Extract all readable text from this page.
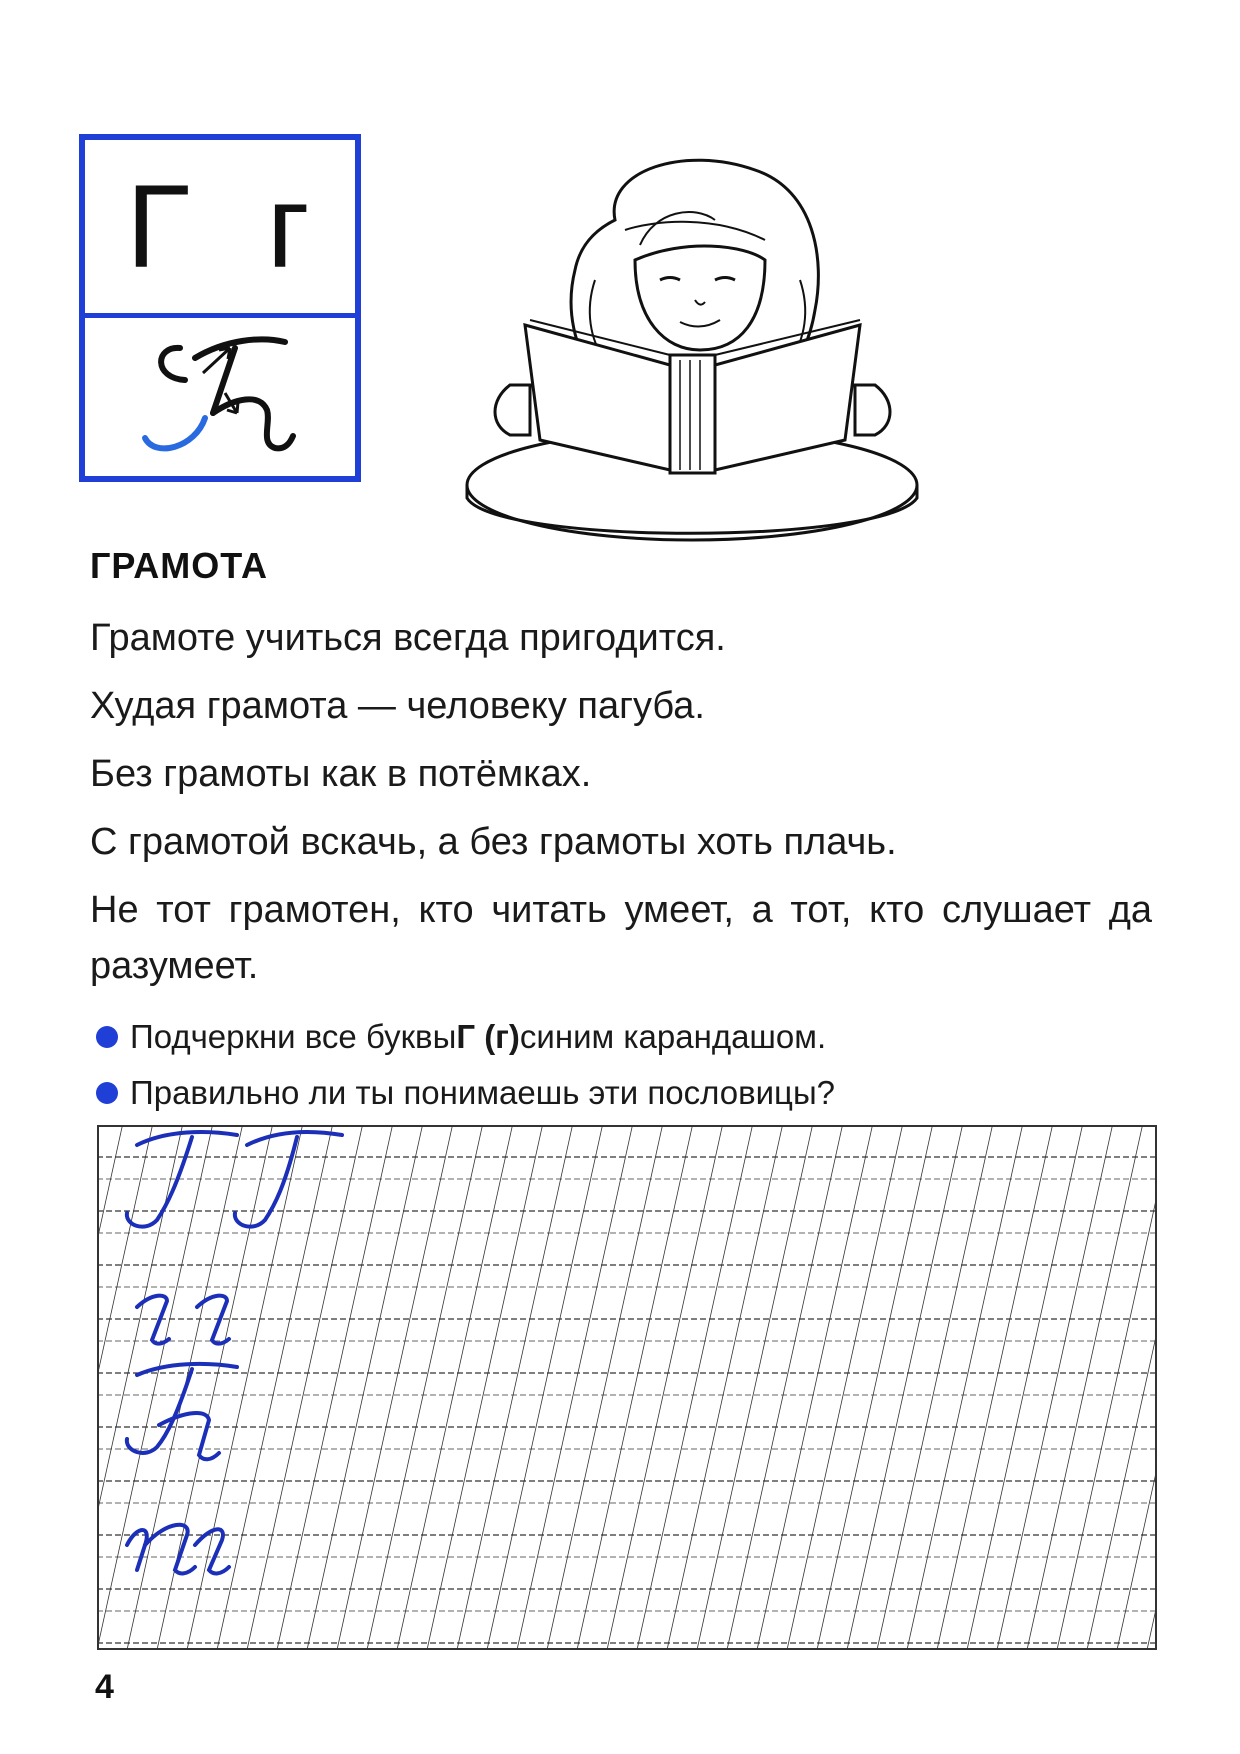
Г г
ГРАМОТА
Грамоте учиться всегда пригодится.
Худая грамота — человеку пагуба.
Без грамоты как в потёмках.
С грамотой вскачь, а без грамоты хоть плачь.
Не тот грамотен, кто читать умеет, а тот, кто слушает да разумеет.
Подчеркни все буквы Г (г) синим карандашом.
Правильно ли ты понимаешь эти пословицы?
4
